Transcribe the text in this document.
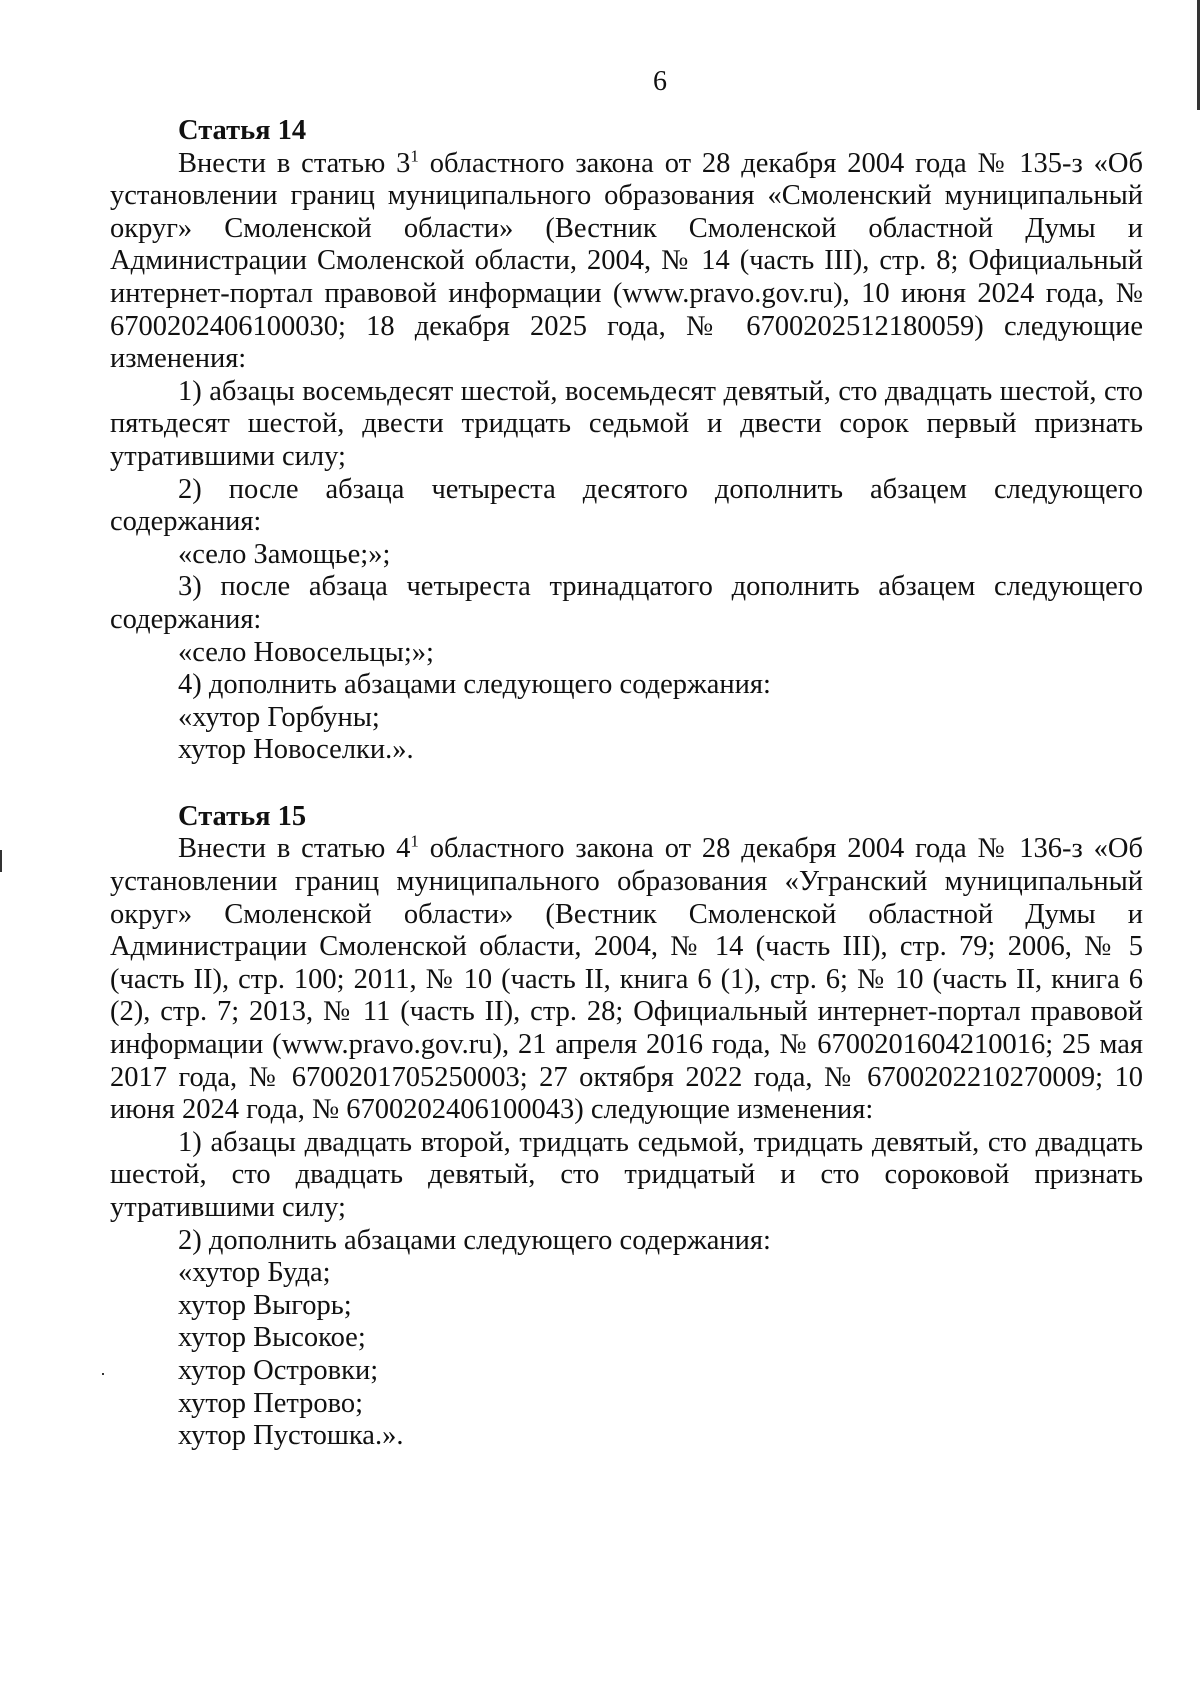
6

Статья 14

Внести в статью $3^1$ областного закона от 28 декабря 2004 года № 135-з «Об установлении границ муниципального образования «Смоленский муниципальный округ» Смоленской области» (Вестник Смоленской областной Думы и Администрации Смоленской области, 2004, № 14 (часть III), стр. 8; Официальный интернет-портал правовой информации (www.pravo.gov.ru), 10 июня 2024 года, № 6700202406100030; 18 декабря 2025 года, № 6700202512180059) следующие изменения:

1) абзацы восемьдесят шестой, восемьдесят девятый, сто двадцать шестой, сто пятьдесят шестой, двести тридцать седьмой и двести сорок первый признать утратившими силу;

2) после абзаца четыреста десятого дополнить абзацем следующего содержания:

«село Замощье;»;

3) после абзаца четыреста тринадцатого дополнить абзацем следующего содержания:

«село Новосельцы;»;

4) дополнить абзацами следующего содержания:

«хутор Горбуны;

хутор Новоселки.».

Статья 15

Внести в статью $4^1$ областного закона от 28 декабря 2004 года № 136-з «Об установлении границ муниципального образования «Угранский муниципальный округ» Смоленской области» (Вестник Смоленской областной Думы и Администрации Смоленской области, 2004, № 14 (часть III), стр. 79; 2006, № 5 (часть II), стр. 100; 2011, № 10 (часть II, книга 6 (1), стр. 6; № 10 (часть II, книга 6 (2), стр. 7; 2013, № 11 (часть II), стр. 28; Официальный интернет-портал правовой информации (www.pravo.gov.ru), 21 апреля 2016 года, № 6700201604210016; 25 мая 2017 года, № 6700201705250003; 27 октября 2022 года, № 6700202210270009; 10 июня 2024 года, № 6700202406100043) следующие изменения:

1) абзацы двадцать второй, тридцать седьмой, тридцать девятый, сто двадцать шестой, сто двадцать девятый, сто тридцатый и сто сороковой признать утратившими силу;

2) дополнить абзацами следующего содержания:

«хутор Буда;

хутор Выгорь;

хутор Высокое;

хутор Островки;

хутор Петрово;

хутор Пустошка.».
